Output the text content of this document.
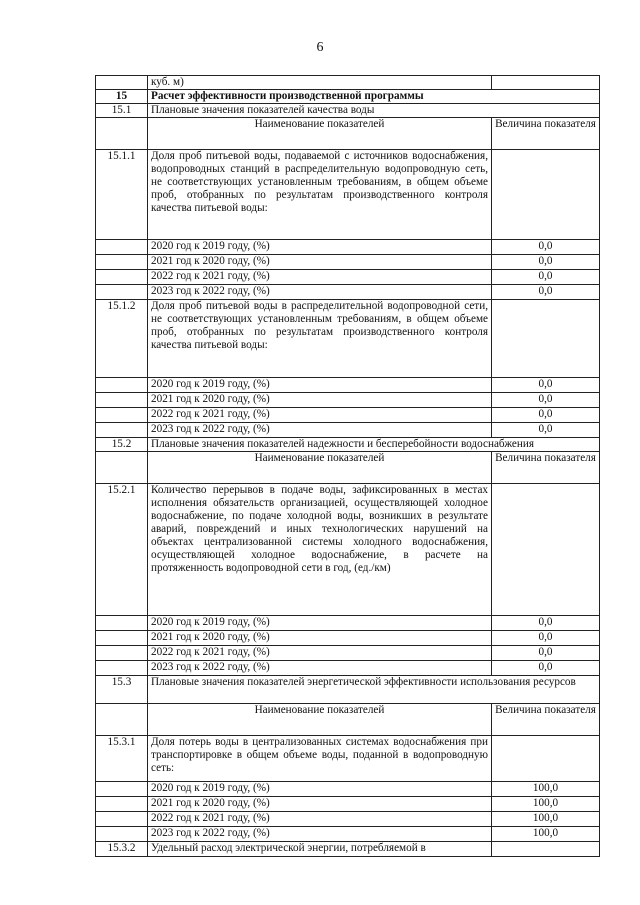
6
	куб. м)	
15	Расчет эффективности производственной программы	
15.1	Плановые значения показателей качества воды	
	Наименование показателей	Величина показателя
15.1.1	Доля проб питьевой воды, подаваемой с источников водоснабжения, водопроводных станций в распределительную водопроводную сеть, не соответствующих установленным требованиям, в общем объеме проб, отобранных по результатам производственного контроля качества питьевой воды:	
	2020 год к 2019 году, (%)	0,0
	2021 год к 2020 году, (%)	0,0
	2022 год к 2021 году, (%)	0,0
	2023 год к 2022 году, (%)	0,0
15.1.2	Доля проб питьевой воды в распределительной водопроводной сети, не соответствующих установленным требованиям, в общем объеме проб, отобранных по результатам производственного контроля качества питьевой воды:	
	2020 год к 2019 году, (%)	0,0
	2021 год к 2020 году, (%)	0,0
	2022 год к 2021 году, (%)	0,0
	2023 год к 2022 году, (%)	0,0
15.2	Плановые значения показателей надежности и бесперебойности водоснабжения	
	Наименование показателей	Величина показателя
15.2.1	Количество перерывов в подаче воды, зафиксированных в местах исполнения обязательств организацией, осуществляющей холодное водоснабжение, по подаче холодной воды, возникших в результате аварий, повреждений и иных технологических нарушений на объектах централизованной системы холодного водоснабжения, осуществляющей холодное водоснабжение, в расчете на протяженность водопроводной сети в год, (ед./км)	
	2020 год к 2019 году, (%)	0,0
	2021 год к 2020 году, (%)	0,0
	2022 год к 2021 году, (%)	0,0
	2023 год к 2022 году, (%)	0,0
15.3	Плановые значения показателей энергетической эффективности использования ресурсов	
	Наименование показателей	Величина показателя
15.3.1	Доля потерь воды в централизованных системах водоснабжения при транспортировке в общем объеме воды, поданной в водопроводную сеть:	
	2020 год к 2019 году, (%)	100,0
	2021 год к 2020 году, (%)	100,0
	2022 год к 2021 году, (%)	100,0
	2023 год к 2022 году, (%)	100,0
15.3.2	Удельный расход электрической энергии, потребляемой в	
